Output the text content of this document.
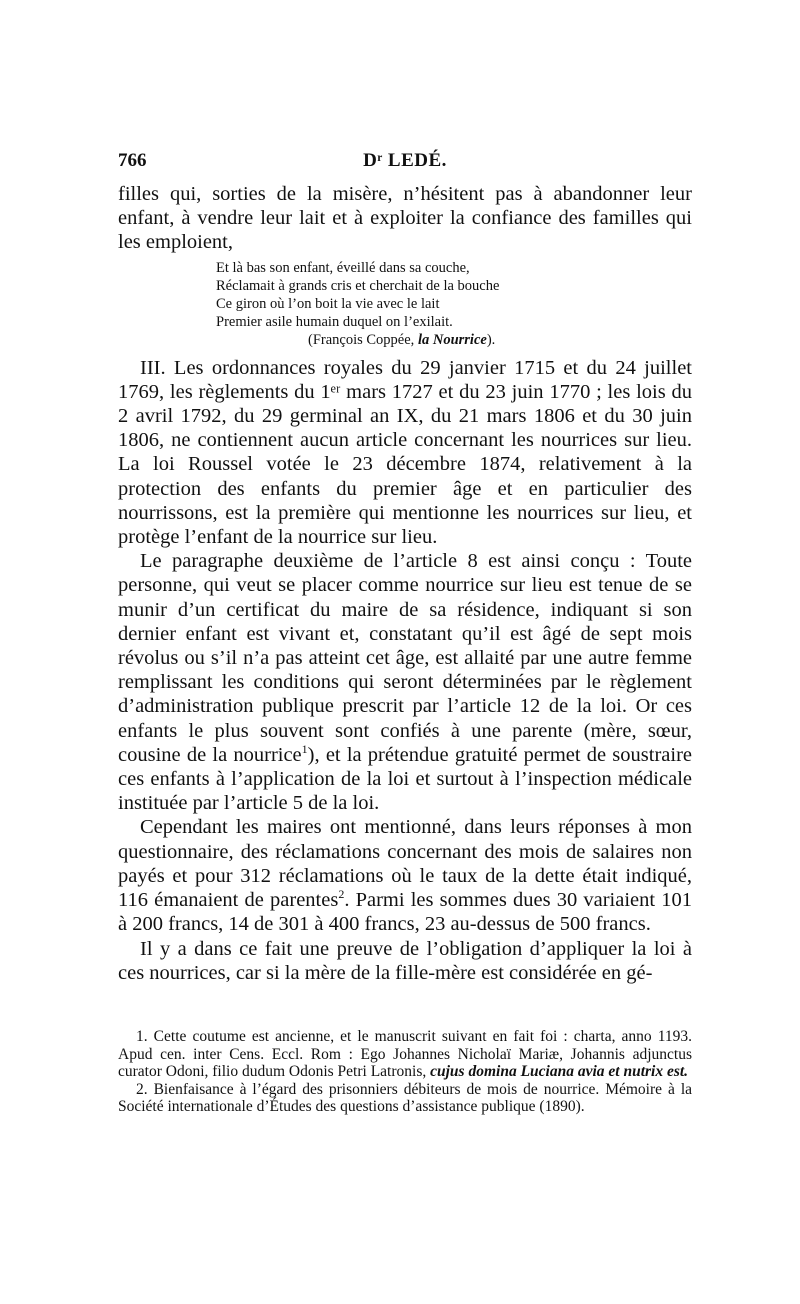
766	Dʳ LEDÉ.

filles qui, sorties de la misère, n’hésitent pas à abandonner leur enfant, à vendre leur lait et à exploiter la confiance des familles qui les emploient,

Et là bas son enfant, éveillé dans sa couche,
Réclamait à grands cris et cherchait de la bouche
Ce giron où l’on boit la vie avec le lait
Premier asile humain duquel on l’exilait.
(François Coppée, la Nourrice).

III. Les ordonnances royales du 29 janvier 1715 et du 24 juillet 1769, les règlements du 1ᵉʳ mars 1727 et du 23 juin 1770 ; les lois du 2 avril 1792, du 29 germinal an IX, du 21 mars 1806 et du 30 juin 1806, ne contiennent aucun article concernant les nourrices sur lieu. La loi Roussel votée le 23 décembre 1874, relativement à la protection des enfants du premier âge et en particulier des nourrissons, est la première qui mentionne les nourrices sur lieu, et protège l’enfant de la nourrice sur lieu.

Le paragraphe deuxième de l’article 8 est ainsi conçu : Toute personne, qui veut se placer comme nourrice sur lieu est tenue de se munir d’un certificat du maire de sa résidence, indiquant si son dernier enfant est vivant et, constatant qu’il est âgé de sept mois révolus ou s’il n’a pas atteint cet âge, est allaité par une autre femme remplissant les conditions qui seront déterminées par le règlement d’administration publique prescrit par l’article 12 de la loi. Or ces enfants le plus souvent sont confiés à une parente (mère, sœur, cousine de la nourrice$^1$), et la prétendue gratuité permet de soustraire ces enfants à l’application de la loi et surtout à l’inspection médicale instituée par l’article 5 de la loi.

Cependant les maires ont mentionné, dans leurs réponses à mon questionnaire, des réclamations concernant des mois de salaires non payés et pour 312 réclamations où le taux de la dette était indiqué, 116 émanaient de parentes$^2$. Parmi les sommes dues 30 variaient 101 à 200 francs, 14 de 301 à 400 francs, 23 au-dessus de 500 francs.

Il y a dans ce fait une preuve de l’obligation d’appliquer la loi à ces nourrices, car si la mère de la fille-mère est considérée en gé-

1. Cette coutume est ancienne, et le manuscrit suivant en fait foi : charta, anno 1193. Apud cen. inter Cens. Eccl. Rom : Ego Johannes Nicholaï Mariæ, Johannis adjunctus curator Odoni, filio dudum Odonis Petri Latronis, cujus domina Luciana avia et nutrix est.

2. Bienfaisance à l’égard des prisonniers débiteurs de mois de nourrice. Mémoire à la Société internationale d’Études des questions d’assistance publique (1890).
